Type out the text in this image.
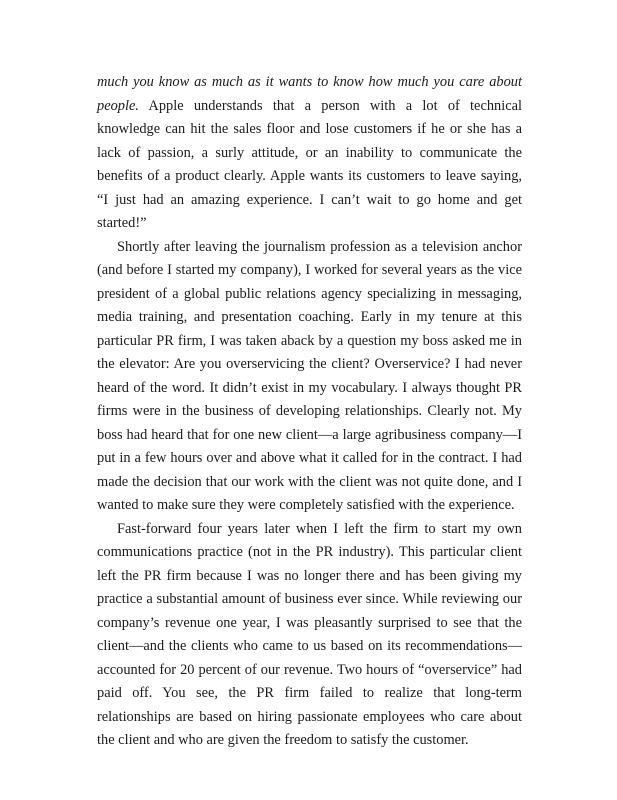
much you know as much as it wants to know how much you care about people. Apple understands that a person with a lot of technical knowledge can hit the sales floor and lose customers if he or she has a lack of passion, a surly attitude, or an inability to communicate the benefits of a product clearly. Apple wants its customers to leave saying, “I just had an amazing experience. I can’t wait to go home and get started!”

Shortly after leaving the journalism profession as a television anchor (and before I started my company), I worked for several years as the vice president of a global public relations agency specializing in messaging, media training, and presentation coaching. Early in my tenure at this particular PR firm, I was taken aback by a question my boss asked me in the elevator: Are you overservicing the client? Overservice? I had never heard of the word. It didn’t exist in my vocabulary. I always thought PR firms were in the business of developing relationships. Clearly not. My boss had heard that for one new client—a large agribusiness company—I put in a few hours over and above what it called for in the contract. I had made the decision that our work with the client was not quite done, and I wanted to make sure they were completely satisfied with the experience.

Fast-forward four years later when I left the firm to start my own communications practice (not in the PR industry). This particular client left the PR firm because I was no longer there and has been giving my practice a substantial amount of business ever since. While reviewing our company’s revenue one year, I was pleasantly surprised to see that the client—and the clients who came to us based on its recommendations—accounted for 20 percent of our revenue. Two hours of “overservice” had paid off. You see, the PR firm failed to realize that long-term relationships are based on hiring passionate employees who care about the client and who are given the freedom to satisfy the customer.
